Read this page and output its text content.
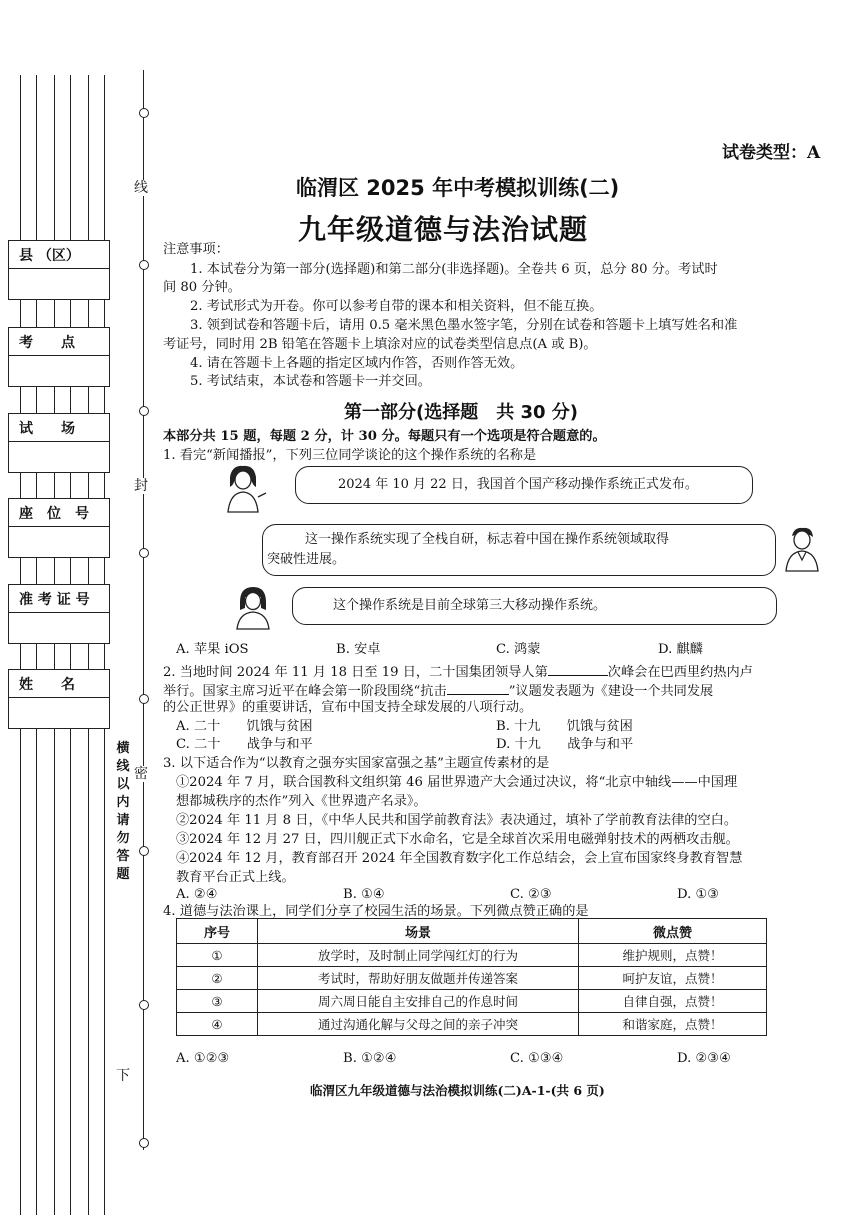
线
封
密
县 （区）
考　　点
试　　场
座　位　号
准 考 证 号
姓　　名
横线以内请勿答题
下
试卷类型：A
临渭区 2025 年中考模拟训练(二)
九年级道德与法治试题
注意事项：
1. 本试卷分为第一部分(选择题)和第二部分(非选择题)。全卷共 6 页，总分 80 分。考试时
间 80 分钟。
2. 考试形式为开卷。你可以参考自带的课本和相关资料，但不能互换。
3. 领到试卷和答题卡后，请用 0.5 毫米黑色墨水签字笔，分别在试卷和答题卡上填写姓名和准
考证号，同时用 2B 铅笔在答题卡上填涂对应的试卷类型信息点(A 或 B)。
4. 请在答题卡上各题的指定区域内作答，否则作答无效。
5. 考试结束，本试卷和答题卡一并交回。
第一部分(选择题　共 30 分)
本部分共 15 题，每题 2 分，计 30 分。每题只有一个选项是符合题意的。
1. 看完“新闻播报”，下列三位同学谈论的这个操作系统的名称是
2024 年 10 月 22 日，我国首个国产移动操作系统正式发布。
这一操作系统实现了全栈自研，标志着中国在操作系统领域取得
突破性进展。
这个操作系统是目前全球第三大移动操作系统。
A. 苹果 iOS	B. 安卓	C. 鸿蒙	D. 麒麟
2. 当地时间 2024 年 11 月 18 日至 19 日，二十国集团领导人第	次峰会在巴西里约热内卢
举行。国家主席习近平在峰会第一阶段围绕“抗击	”议题发表题为《建设一个共同发展
的公正世界》的重要讲话，宣布中国支持全球发展的八项行动。
A. 二十　　饥饿与贫困	B. 十九　　饥饿与贫困
C. 二十　　战争与和平	D. 十九　　战争与和平
3. 以下适合作为“以教育之强夯实国家富强之基”主题宣传素材的是
①2024 年 7 月，联合国教科文组织第 46 届世界遗产大会通过决议，将“北京中轴线——中国理
想都城秩序的杰作”列入《世界遗产名录》。
②2024 年 11 月 8 日，《中华人民共和国学前教育法》表决通过，填补了学前教育法律的空白。
③2024 年 12 月 27 日，四川舰正式下水命名，它是全球首次采用电磁弹射技术的两栖攻击舰。
④2024 年 12 月，教育部召开 2024 年全国教育数字化工作总结会，会上宣布国家终身教育智慧
教育平台正式上线。
A. ②④	B. ①④	C. ②③	D. ①③
4. 道德与法治课上，同学们分享了校园生活的场景。下列微点赞正确的是
序号	场景	微点赞
①	放学时，及时制止同学闯红灯的行为	维护规则，点赞！
②	考试时，帮助好朋友做题并传递答案	呵护友谊，点赞！
③	周六周日能自主安排自己的作息时间	自律自强，点赞！
④	通过沟通化解与父母之间的亲子冲突	和谐家庭，点赞！
A. ①②③	B. ①②④	C. ①③④	D. ②③④
临渭区九年级道德与法治模拟训练(二)A-1-(共 6 页)
